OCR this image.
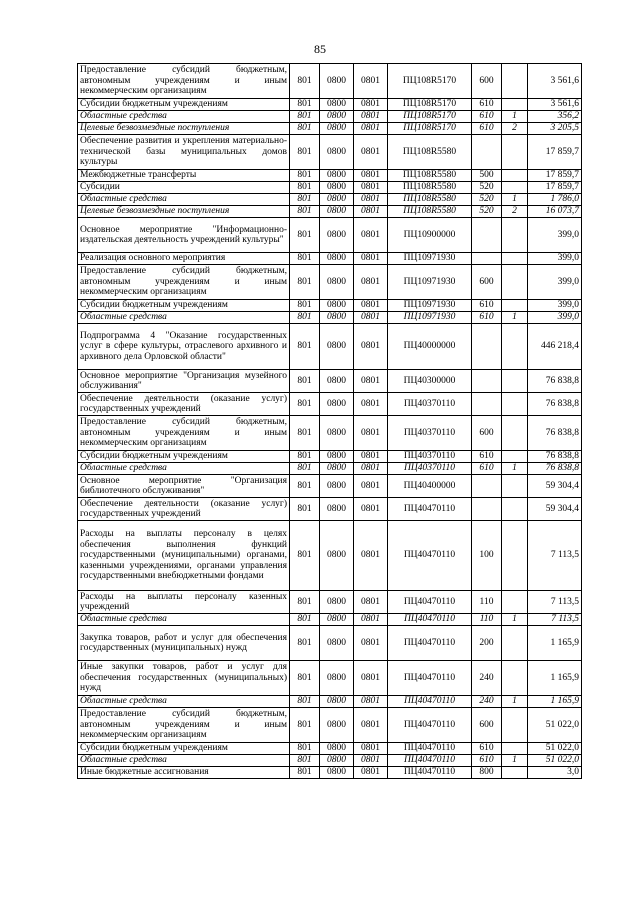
85
Предоставление субсидий бюджетным, автономным учреждениям и иным некоммерческим организациям	801	0800	0801	ПЦ108R5170	600		3 561,6
Субсидии бюджетным учреждениям	801	0800	0801	ПЦ108R5170	610		3 561,6
Областные средства	801	0800	0801	ПЦ108R5170	610	1	356,2
Целевые безвозмездные поступления	801	0800	0801	ПЦ108R5170	610	2	3 205,5
Обеспечение развития и укрепления материально-технической базы муниципальных домов культуры	801	0800	0801	ПЦ108R5580			17 859,7
Межбюджетные трансферты	801	0800	0801	ПЦ108R5580	500		17 859,7
Субсидии	801	0800	0801	ПЦ108R5580	520		17 859,7
Областные средства	801	0800	0801	ПЦ108R5580	520	1	1 786,0
Целевые безвозмездные поступления	801	0800	0801	ПЦ108R5580	520	2	16 073,7
Основное мероприятие "Информационно-издательская деятельность учреждений культуры"	801	0800	0801	ПЦ10900000			399,0
Реализация основного мероприятия	801	0800	0801	ПЦ10971930			399,0
Предоставление субсидий бюджетным, автономным учреждениям и иным некоммерческим организациям	801	0800	0801	ПЦ10971930	600		399,0
Субсидии бюджетным учреждениям	801	0800	0801	ПЦ10971930	610		399,0
Областные средства	801	0800	0801	ПЦ10971930	610	1	399,0
Подпрограмма 4 "Оказание государственных услуг в сфере культуры, отраслевого архивного и архивного дела Орловской области"	801	0800	0801	ПЦ40000000			446 218,4
Основное мероприятие "Организация музейного обслуживания"	801	0800	0801	ПЦ40300000			76 838,8
Обеспечение деятельности (оказание услуг) государственных учреждений	801	0800	0801	ПЦ40370110			76 838,8
Предоставление субсидий бюджетным, автономным учреждениям и иным некоммерческим организациям	801	0800	0801	ПЦ40370110	600		76 838,8
Субсидии бюджетным учреждениям	801	0800	0801	ПЦ40370110	610		76 838,8
Областные средства	801	0800	0801	ПЦ40370110	610	1	76 838,8
Основное мероприятие "Организация библиотечного обслуживания"	801	0800	0801	ПЦ40400000			59 304,4
Обеспечение деятельности (оказание услуг) государственных учреждений	801	0800	0801	ПЦ40470110			59 304,4
Расходы на выплаты персоналу в целях обеспечения выполнения функций государственными (муниципальными) органами, казенными учреждениями, органами управления государственными внебюджетными фондами	801	0800	0801	ПЦ40470110	100		7 113,5
Расходы на выплаты персоналу казенных учреждений	801	0800	0801	ПЦ40470110	110		7 113,5
Областные средства	801	0800	0801	ПЦ40470110	110	1	7 113,5
Закупка товаров, работ и услуг для обеспечения государственных (муниципальных) нужд	801	0800	0801	ПЦ40470110	200		1 165,9
Иные закупки товаров, работ и услуг для обеспечения государственных (муниципальных) нужд	801	0800	0801	ПЦ40470110	240		1 165,9
Областные средства	801	0800	0801	ПЦ40470110	240	1	1 165,9
Предоставление субсидий бюджетным, автономным учреждениям и иным некоммерческим организациям	801	0800	0801	ПЦ40470110	600		51 022,0
Субсидии бюджетным учреждениям	801	0800	0801	ПЦ40470110	610		51 022,0
Областные средства	801	0800	0801	ПЦ40470110	610	1	51 022,0
Иные бюджетные ассигнования	801	0800	0801	ПЦ40470110	800		3,0
